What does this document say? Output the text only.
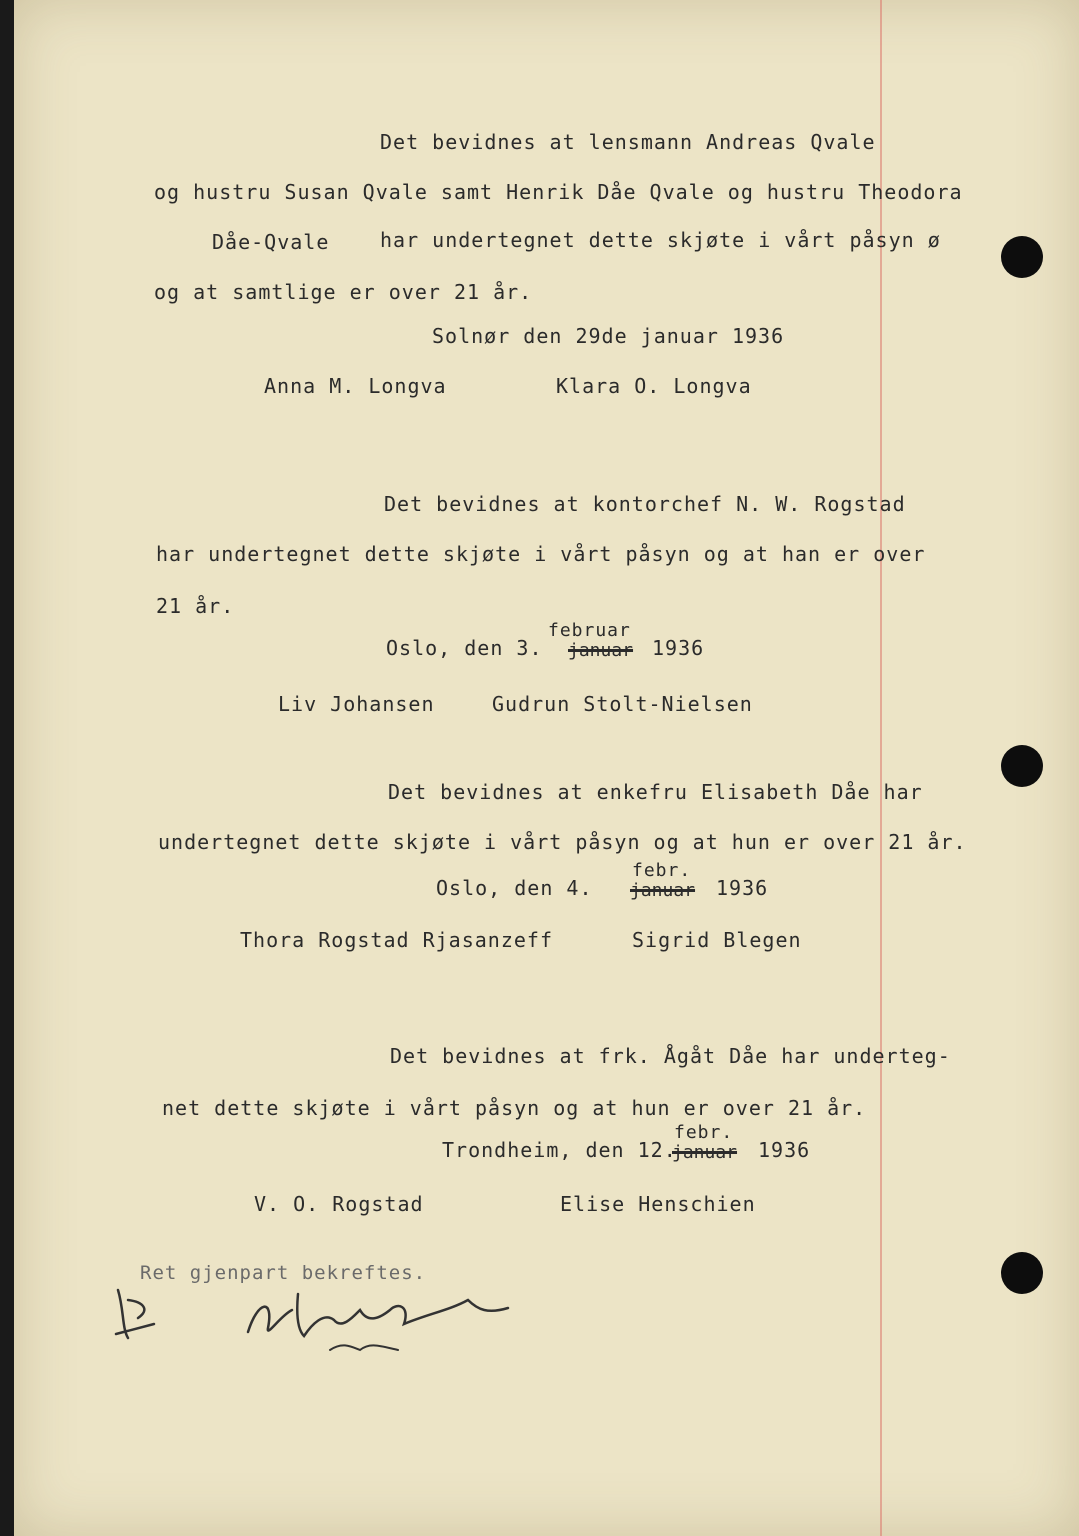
Det bevidnes at lensmann Andreas Qvale
og hustru Susan Qvale samt Henrik Dåe Qvale og hustru Theodora
Dåe-Qvale	har undertegnet dette skjøte i vårt påsyn ø
og at samtlige er over 21 år.
Solnør den 29de januar 1936
Anna M. Longva	Klara O. Longva
Det bevidnes at kontorchef N. W. Rogstad
har undertegnet dette skjøte i vårt påsyn og at han er over
21 år.
februar
Oslo, den 3. januar 1936
Liv Johansen	Gudrun Stolt-Nielsen
Det bevidnes at enkefru Elisabeth Dåe har
undertegnet dette skjøte i vårt påsyn og at hun er over 21 år.
febr.
Oslo, den 4. januar 1936
Thora Rogstad Rjasanzeff	Sigrid Blegen
Det bevidnes at frk. Ågåt Dåe har underteg-
net dette skjøte i vårt påsyn og at hun er over 21 år.
febr.
Trondheim, den 12.
januar 1936
V. O. Rogstad	Elise Henschien
Ret gjenpart bekreftes.
